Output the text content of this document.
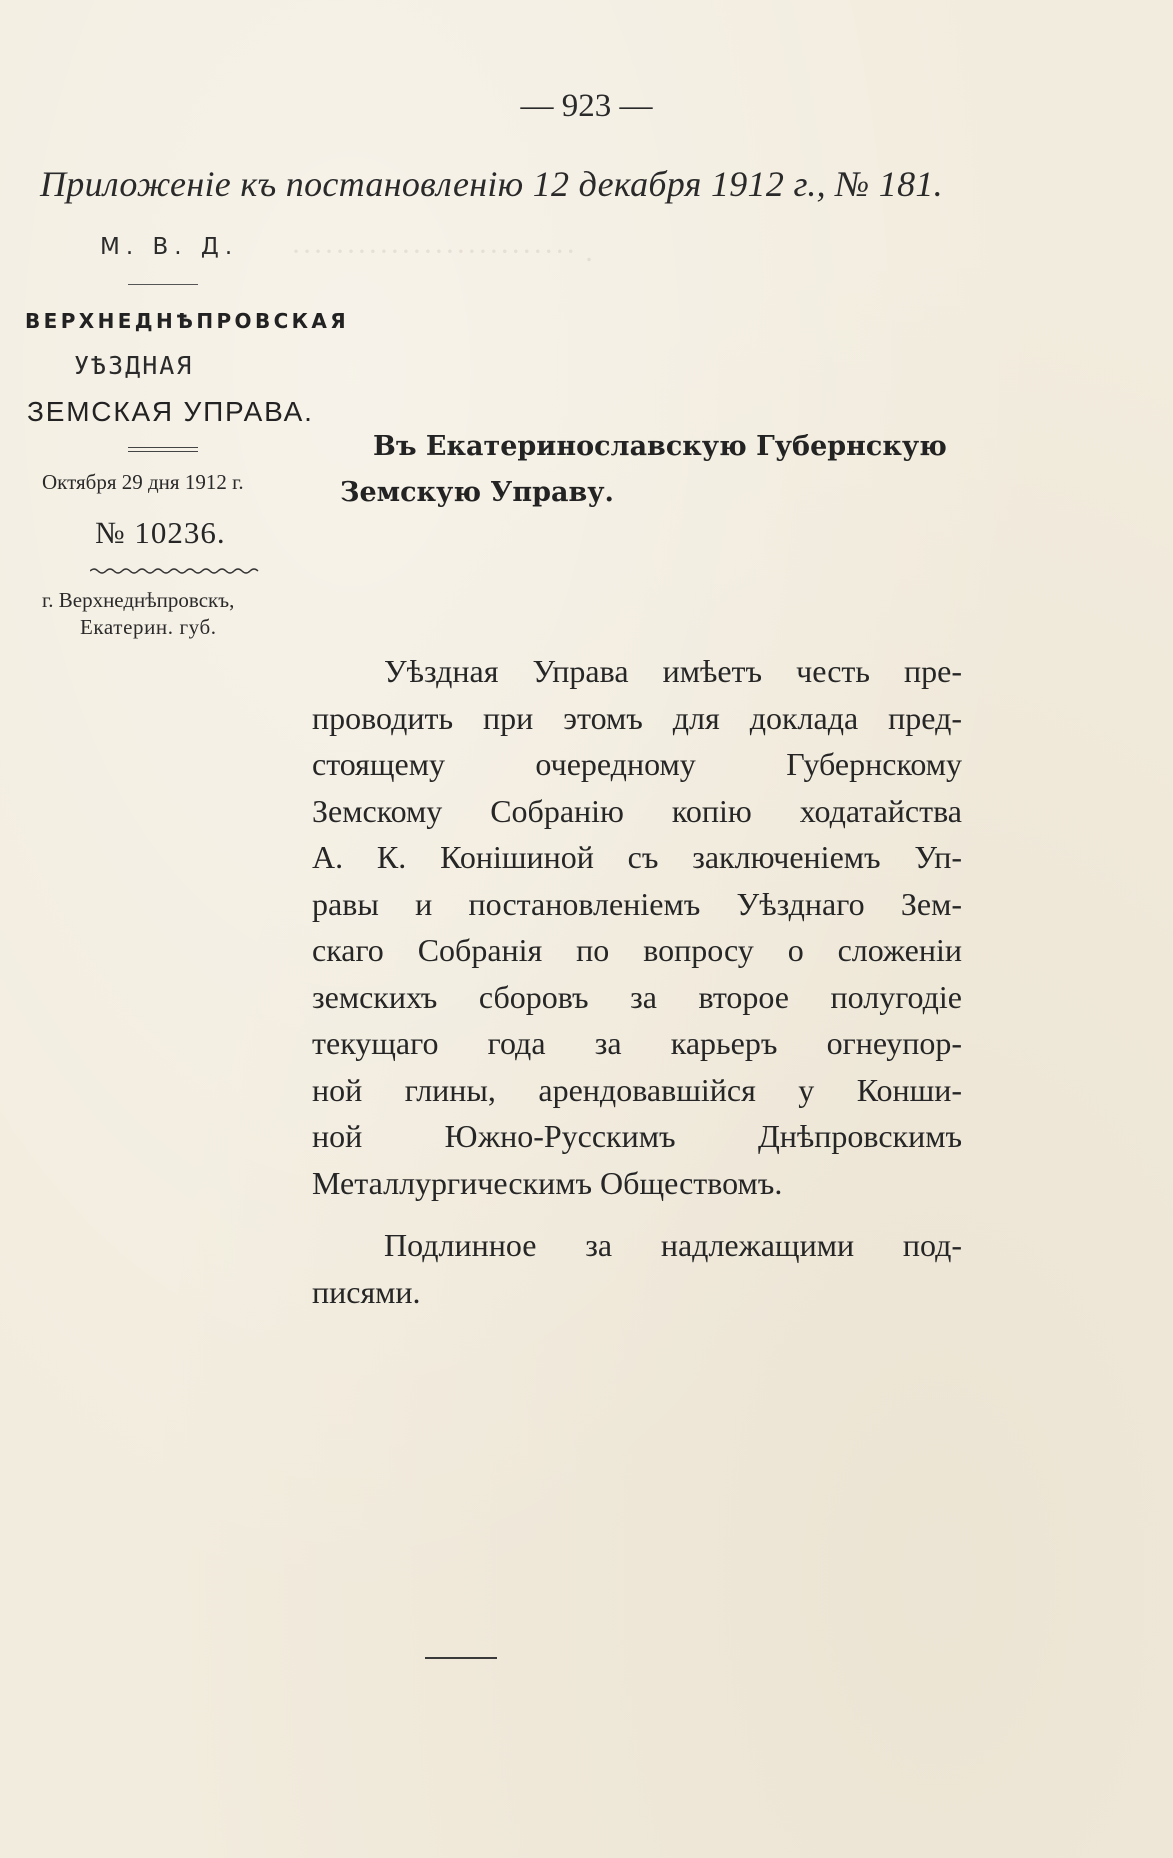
. ··························
— 923 —
Приложеніе къ постановленію 12 декабря 1912 г., № 181.
М. В. Д.
ВЕРХНЕДНѢПРОВСКАЯ
УѢЗДНАЯ
ЗЕМСКАЯ УПРАВА.
Октября 29 дня 1912 г.
№ 10236.
г. Верхнеднѣпровскъ,
Екатерин. губ.
Въ Екатеринославскую Губернскую
Земскую Управу.
Уѣздная Управа имѣетъ честь пре-
проводить при этомъ для доклада пред-
стоящему очередному Губернскому
Земскому Собранію копію ходатайства
А. К. Конішиной съ заключеніемъ Уп-
равы и постановленіемъ Уѣзднаго Зем-
скаго Собранія по вопросу о сложеніи
земскихъ сборовъ за второе полугодіе
текущаго года за карьеръ огнеупор-
ной глины, арендовавшійся у Конши-
ной Южно-Русскимъ Днѣпровскимъ
Металлургическимъ Обществомъ.
Подлинное за надлежащими под-
писями.
